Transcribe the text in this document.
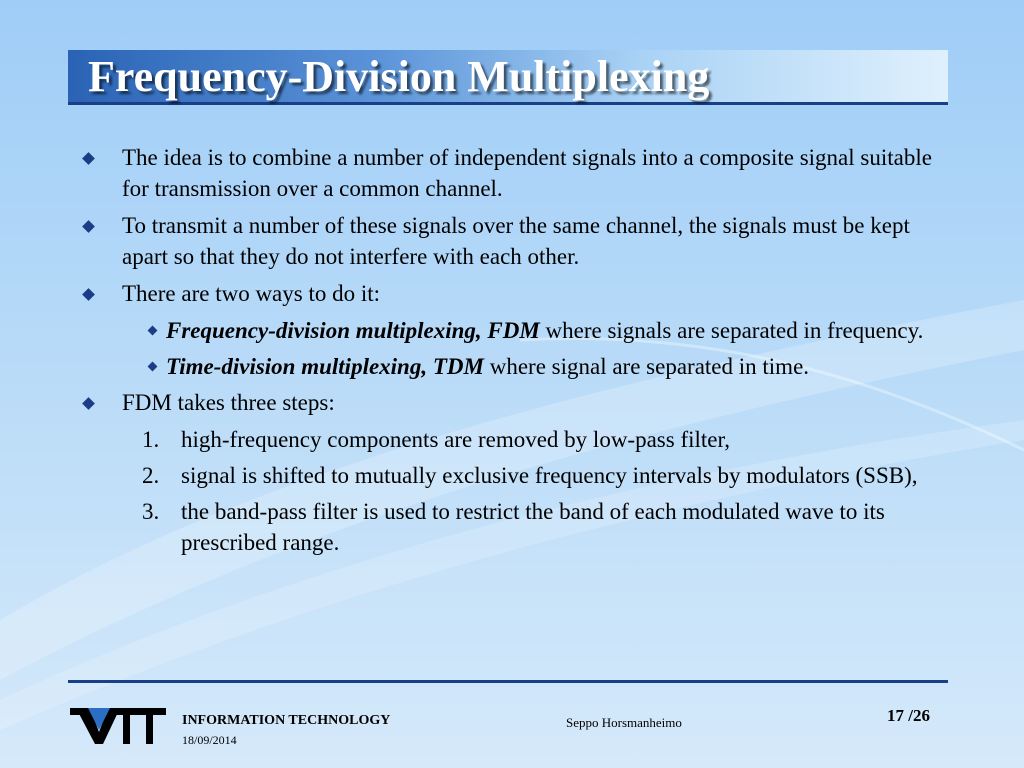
Frequency-Division Multiplexing
The idea is to combine a number of independent signals into a composite signal suitable for transmission over a common channel.
To transmit a number of these signals over the same channel, the signals must be kept apart so that they do not interfere with each other.
There are two ways to do it:
Frequency-division multiplexing, FDM where signals are separated in frequency.
Time-division multiplexing, TDM where signal are separated in time.
FDM takes three steps:
1. high-frequency components are removed by low-pass filter,
2. signal is shifted to mutually exclusive frequency intervals by modulators (SSB),
3. the band-pass filter is used to restrict the band of each modulated wave to its prescribed range.
INFORMATION TECHNOLOGY
18/09/2014
Seppo Horsmanheimo	17 /26
